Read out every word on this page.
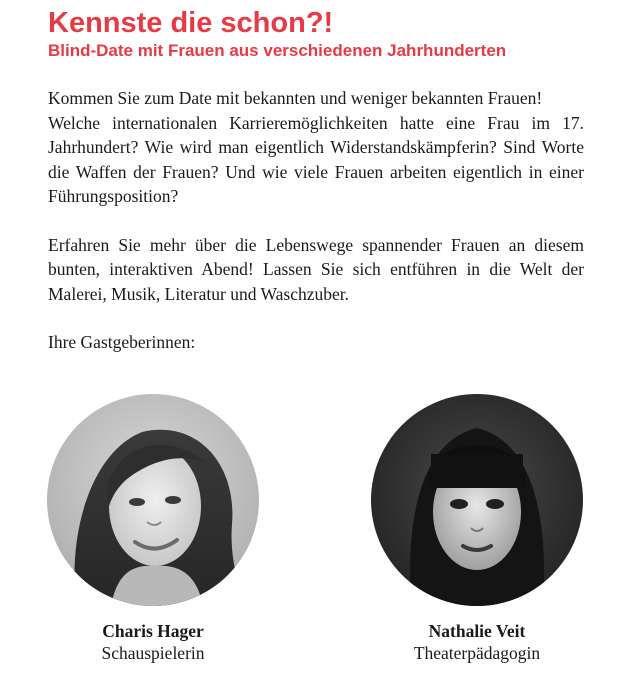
Kennste die schon?!
Blind-Date mit Frauen aus verschiedenen Jahrhunderten

Kommen Sie zum Date mit bekannten und weniger bekannten Frauen!

Welche internationalen Karrieremöglichkeiten hatte eine Frau im 17. Jahrhundert? Wie wird man eigentlich Widerstandskämpferin? Sind Worte die Waffen der Frauen? Und wie viele Frauen arbeiten eigentlich in einer Führungsposition?

Erfahren Sie mehr über die Lebenswege spannender Frauen an diesem bunten, interaktiven Abend! Lassen Sie sich entführen in die Welt der Malerei, Musik, Literatur und Waschzuber.

Ihre Gastgeberinnen:

Charis Hager
Schauspielerin
Nathalie Veit
Theaterpädagogin
